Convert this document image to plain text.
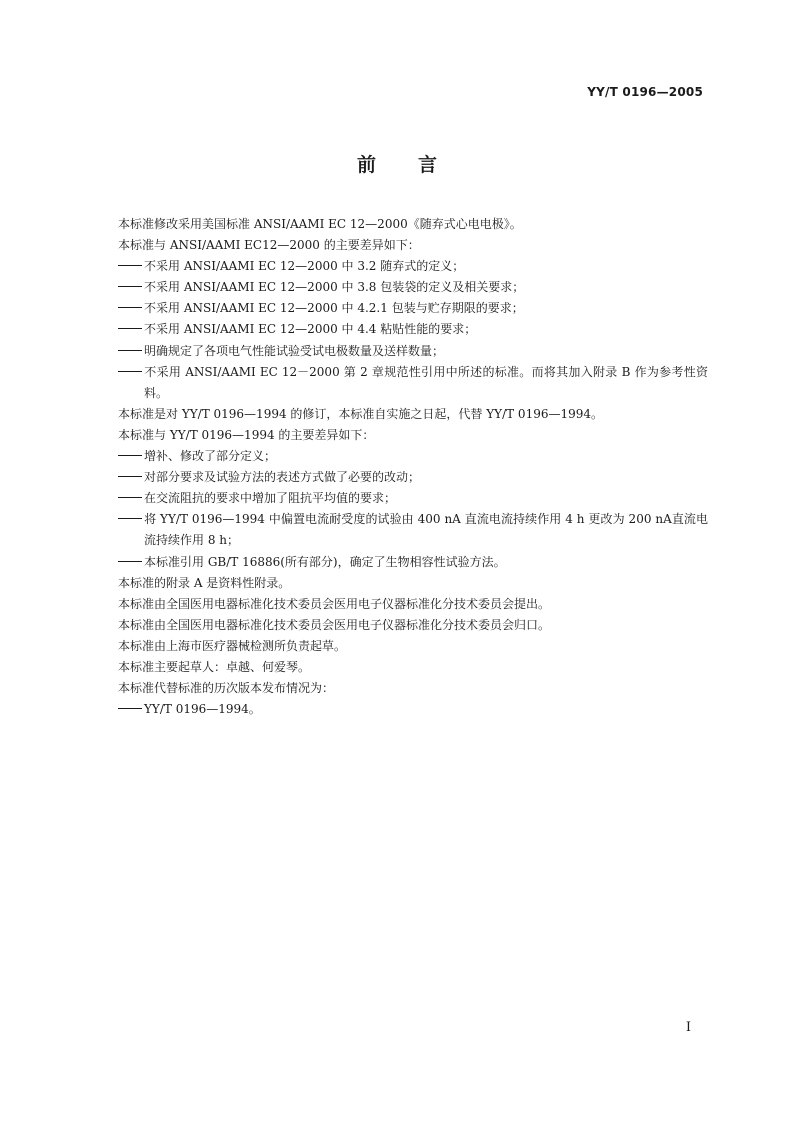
YY/T 0196—2005
前言
本标准修改采用美国标准 ANSI/AAMI EC 12—2000《随弃式心电电极》。
本标准与 ANSI/AAMI EC12—2000 的主要差异如下：
不采用 ANSI/AAMI EC 12—2000 中 3.2 随弃式的定义；
不采用 ANSI/AAMI EC 12—2000 中 3.8 包装袋的定义及相关要求；
不采用 ANSI/AAMI EC 12—2000 中 4.2.1 包装与贮存期限的要求；
不采用 ANSI/AAMI EC 12—2000 中 4.4 粘贴性能的要求；
明确规定了各项电气性能试验受试电极数量及送样数量；
不采用 ANSI/AAMI EC 12－2000 第 2 章规范性引用中所述的标准。而将其加入附录 B 作为参考性资料。
本标准是对 YY/T 0196—1994 的修订，本标准自实施之日起，代替 YY/T 0196—1994。
本标准与 YY/T 0196—1994 的主要差异如下：
增补、修改了部分定义；
对部分要求及试验方法的表述方式做了必要的改动；
在交流阻抗的要求中增加了阻抗平均值的要求；
将 YY/T 0196—1994 中偏置电流耐受度的试验由 400 nA 直流电流持续作用 4 h 更改为 200 nA直流电流持续作用 8 h；
本标准引用 GB/T 16886(所有部分)，确定了生物相容性试验方法。
本标准的附录 A 是资料性附录。
本标准由全国医用电器标准化技术委员会医用电子仪器标准化分技术委员会提出。
本标准由全国医用电器标准化技术委员会医用电子仪器标准化分技术委员会归口。
本标准由上海市医疗器械检测所负责起草。
本标准主要起草人：卓越、何爱琴。
本标准代替标准的历次版本发布情况为：
YY/T 0196—1994。
I
